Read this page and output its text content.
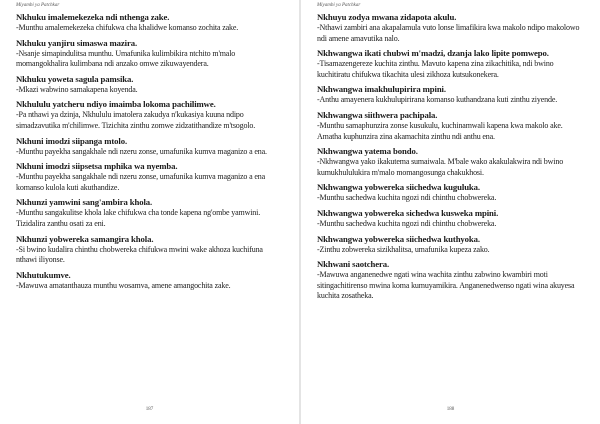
Miyambi ya Patchkar
Nkhuku imalemekezeka ndi nthenga zake.
-Munthu amalemekezeka chifukwa cha khalidwe komanso zochita zake.
Nkhuku yanjiru simaswa mazira.
-Nsanje simapindulitsa munthu. Umafunika kulimbikira ntchito m'malo momangokhalira kulimbana ndi anzako omwe zikuwayendera.
Nkhuku yoweta sagula pamsika.
-Mkazi wabwino samakapena koyenda.
Nkhululu yatcheru ndiyo imaimba lokoma pachilimwe.
-Pa nthawi ya dzinja, Nkhululu imatolera zakudya n'kukasiya kuuna ndipo simadzavutika m'chilimwe. Tizichita zinthu zomwe zidzatithandize m'tsogolo.
Nkhuni imodzi siipanga mtolo.
-Munthu payekha sangakhale ndi nzeru zonse, umafunika kumva maganizo a ena.
Nkhuni imodzi siipsetsa mphika wa nyemba.
-Munthu payekha sangakhale ndi nzeru zonse, umafunika kumva maganizo a ena komanso kulola kuti akuthandize.
Nkhunzi yamwini sang'ambira khola.
-Munthu sangakulitse khola lake chifukwa cha tonde kapena ng'ombe yamwini. Tizidalira zanthu osati za eni.
Nkhunzi yobwereka samangira khola.
-Si bwino kudalira chinthu chobwereka chifukwa mwini wake akhoza kuchifuna nthawi iliyonse.
Nkhutukumve.
-Mawuwa amatanthauza munthu wosamva, amene amangochita zake.
187
Miyambi ya Patchkar
Nkhuyu zodya mwana zidapota akulu.
-Nthawi zambiri ana akapalamula vuto lonse limafikira kwa makolo ndipo makolowo ndi amene amavutika nalo.
Nkhwangwa ikati chubwi m'madzi, dzanja lako lipite pomwepo.
-Tisamazengereze kuchita zinthu. Mavuto kapena zina zikachitika, ndi bwino kuchitiratu chifukwa tikachita ulesi zikhoza kutsukonekera.
Nkhwangwa imakhulupirira mpini.
-Anthu amayenera kukhulupirirana komanso kuthandzana kuti zinthu ziyende.
Nkhwangwa siithwera pachipala.
-Munthu samaphunzira zonse kusukulu, kuchinamwali kapena kwa makolo ake. Amatha kuphunzira zina akamachita zinthu ndi anthu ena.
Nkhwangwa yatema bondo.
-Nkhwangwa yako ikakutema sumaiwala. M'bale wako akakulakwira ndi bwino kumukhululukira m'malo momangosunga chakukhosi.
Nkhwangwa yobwereka siichedwa kuguluka.
-Munthu sachedwa kuchita ngozi ndi chinthu chobwereka.
Nkhwangwa yobwereka sichedwa kusweka mpini.
-Munthu sachedwa kuchita ngozi ndi chinthu chobwereka.
Nkhwangwa yobwereka siichedwa kuthyoka.
-Zinthu zobwereka sizikhalitsa, umafunika kupeza zako.
Nkhwani saotchera.
-Mawuwa anganenedwe ngati wina wachita zinthu zabwino kwambiri moti sitingachitirenso mwina koma kumuyamikira. Anganenedwenso ngati wina akuyesa kuchita zosatheka.
188
